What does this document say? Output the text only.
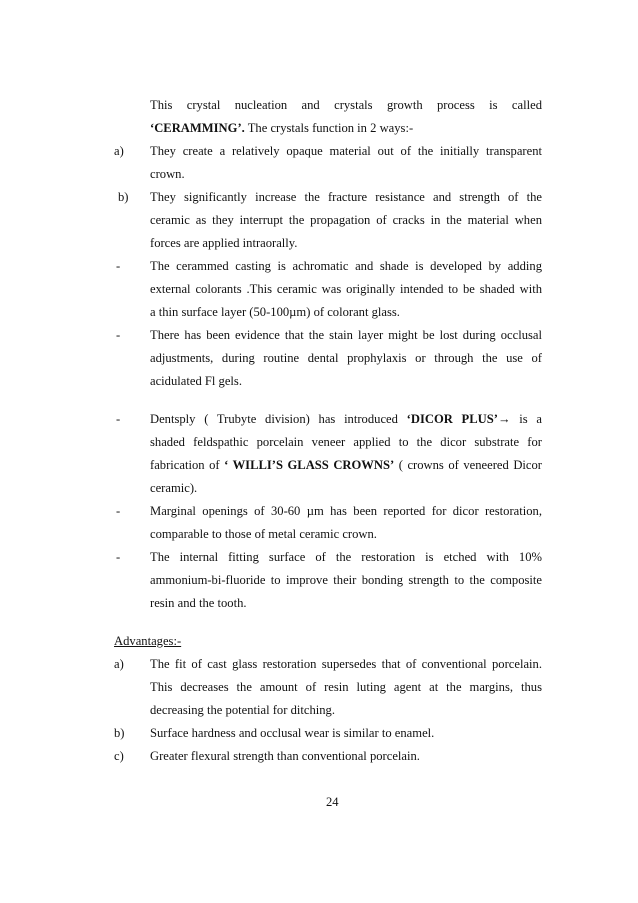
This crystal nucleation and crystals growth process is called
‘CERAMMING’. The crystals function in 2 ways:-
a) They create a relatively opaque material out of the initially transparent
crown.
b) They significantly increase the fracture resistance and strength of the
ceramic as they interrupt the propagation of cracks in the material when
forces are applied intraorally.
- The cerammed casting is achromatic and shade is developed by adding
external colorants .This ceramic was originally intended to be shaded with
a thin surface layer (50-100µm) of colorant glass.
- There has been evidence that the stain layer might be lost during occlusal
adjustments, during routine dental prophylaxis or through the use of
acidulated Fl gels.
- Dentsply ( Trubyte division) has introduced ‘DICOR PLUS’→ is a
shaded feldspathic porcelain veneer applied to the dicor substrate for
fabrication of ‘ WILLI’S GLASS CROWNS’ ( crowns of veneered Dicor
ceramic).
- Marginal openings of 30-60 µm has been reported for dicor restoration,
comparable to those of metal ceramic crown.
- The internal fitting surface of the restoration is etched with 10%
ammonium-bi-fluoride to improve their bonding strength to the composite
resin and the tooth.
Advantages:-
a) The fit of cast glass restoration supersedes that of conventional porcelain.
This decreases the amount of resin luting agent at the margins, thus
decreasing the potential for ditching.
b) Surface hardness and occlusal wear is similar to enamel.
c) Greater flexural strength than conventional porcelain.
24
